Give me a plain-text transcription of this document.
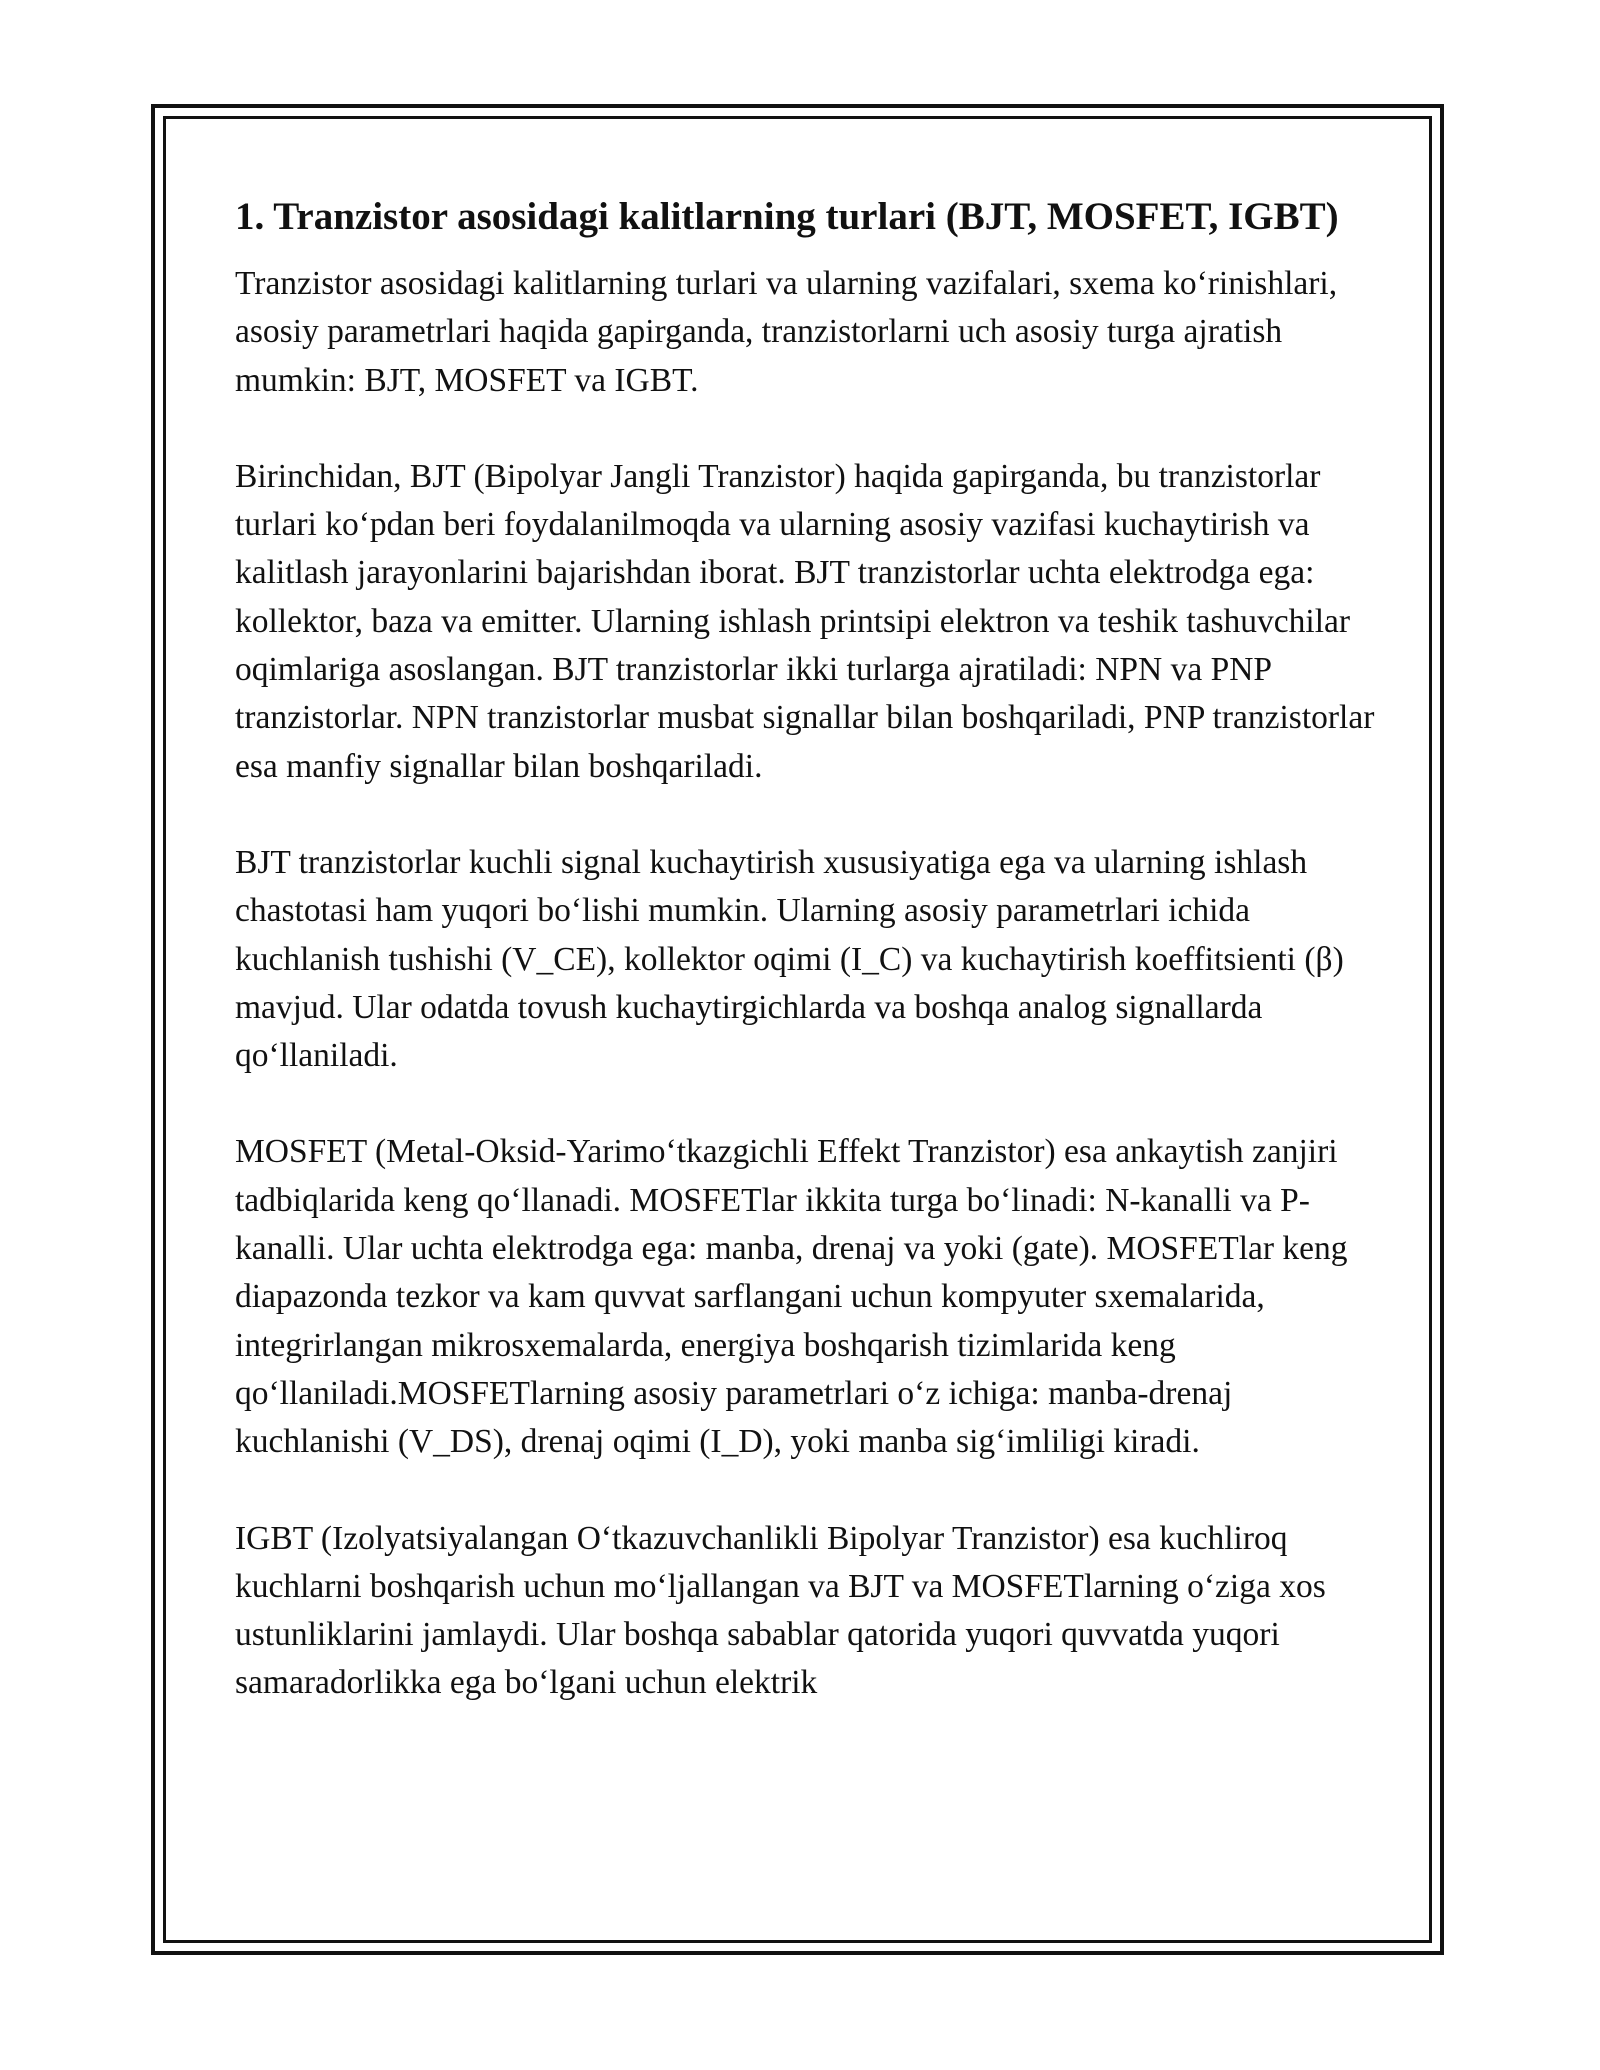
1. Tranzistor asosidagi kalitlarning turlari (BJT, MOSFET, IGBT)

Tranzistor asosidagi kalitlarning turlari va ularning vazifalari, sxema koʻrinishlari, asosiy parametrlari haqida gapirganda, tranzistorlarni uch asosiy turga ajratish mumkin: BJT, MOSFET va IGBT.

Birinchidan, BJT (Bipolyar Jangli Tranzistor) haqida gapirganda, bu tranzistorlar turlari koʻpdan beri foydalanilmoqda va ularning asosiy vazifasi kuchaytirish va kalitlash jarayonlarini bajarishdan iborat. BJT tranzistorlar uchta elektrodga ega: kollektor, baza va emitter. Ularning ishlash printsipi elektron va teshik tashuvchilar oqimlariga asoslangan. BJT tranzistorlar ikki turlarga ajratiladi: NPN va PNP tranzistorlar. NPN tranzistorlar musbat signallar bilan boshqariladi, PNP tranzistorlar esa manfiy signallar bilan boshqariladi.

BJT tranzistorlar kuchli signal kuchaytirish xususiyatiga ega va ularning ishlash chastotasi ham yuqori boʻlishi mumkin. Ularning asosiy parametrlari ichida kuchlanish tushishi (V_CE), kollektor oqimi (I_C) va kuchaytirish koeffitsienti (β) mavjud. Ular odatda tovush kuchaytirgichlarda va boshqa analog signallarda qoʻllaniladi.

MOSFET (Metal-Oksid-Yarimoʻtkazgichli Effekt Tranzistor) esa ankaytish zanjiri tadbiqlarida keng qoʻllanadi. MOSFETlar ikkita turga boʻlinadi: N-kanalli va P-kanalli. Ular uchta elektrodga ega: manba, drenaj va yoki (gate). MOSFETlar keng diapazonda tezkor va kam quvvat sarflangani uchun kompyuter sxemalarida, integrirlangan mikrosxemalarda, energiya boshqarish tizimlarida keng qoʻllaniladi.MOSFETlarning asosiy parametrlari oʻz ichiga: manba-drenaj kuchlanishi (V_DS), drenaj oqimi (I_D), yoki manba sigʻimliligi kiradi.

IGBT (Izolyatsiyalangan Oʻtkazuvchanlikli Bipolyar Tranzistor) esa kuchliroq kuchlarni boshqarish uchun moʻljallangan va BJT va MOSFETlarning oʻziga xos ustunliklarini jamlaydi. Ular boshqa sabablar qatorida yuqori quvvatda yuqori samaradorlikka ega boʻlgani uchun elektrik
